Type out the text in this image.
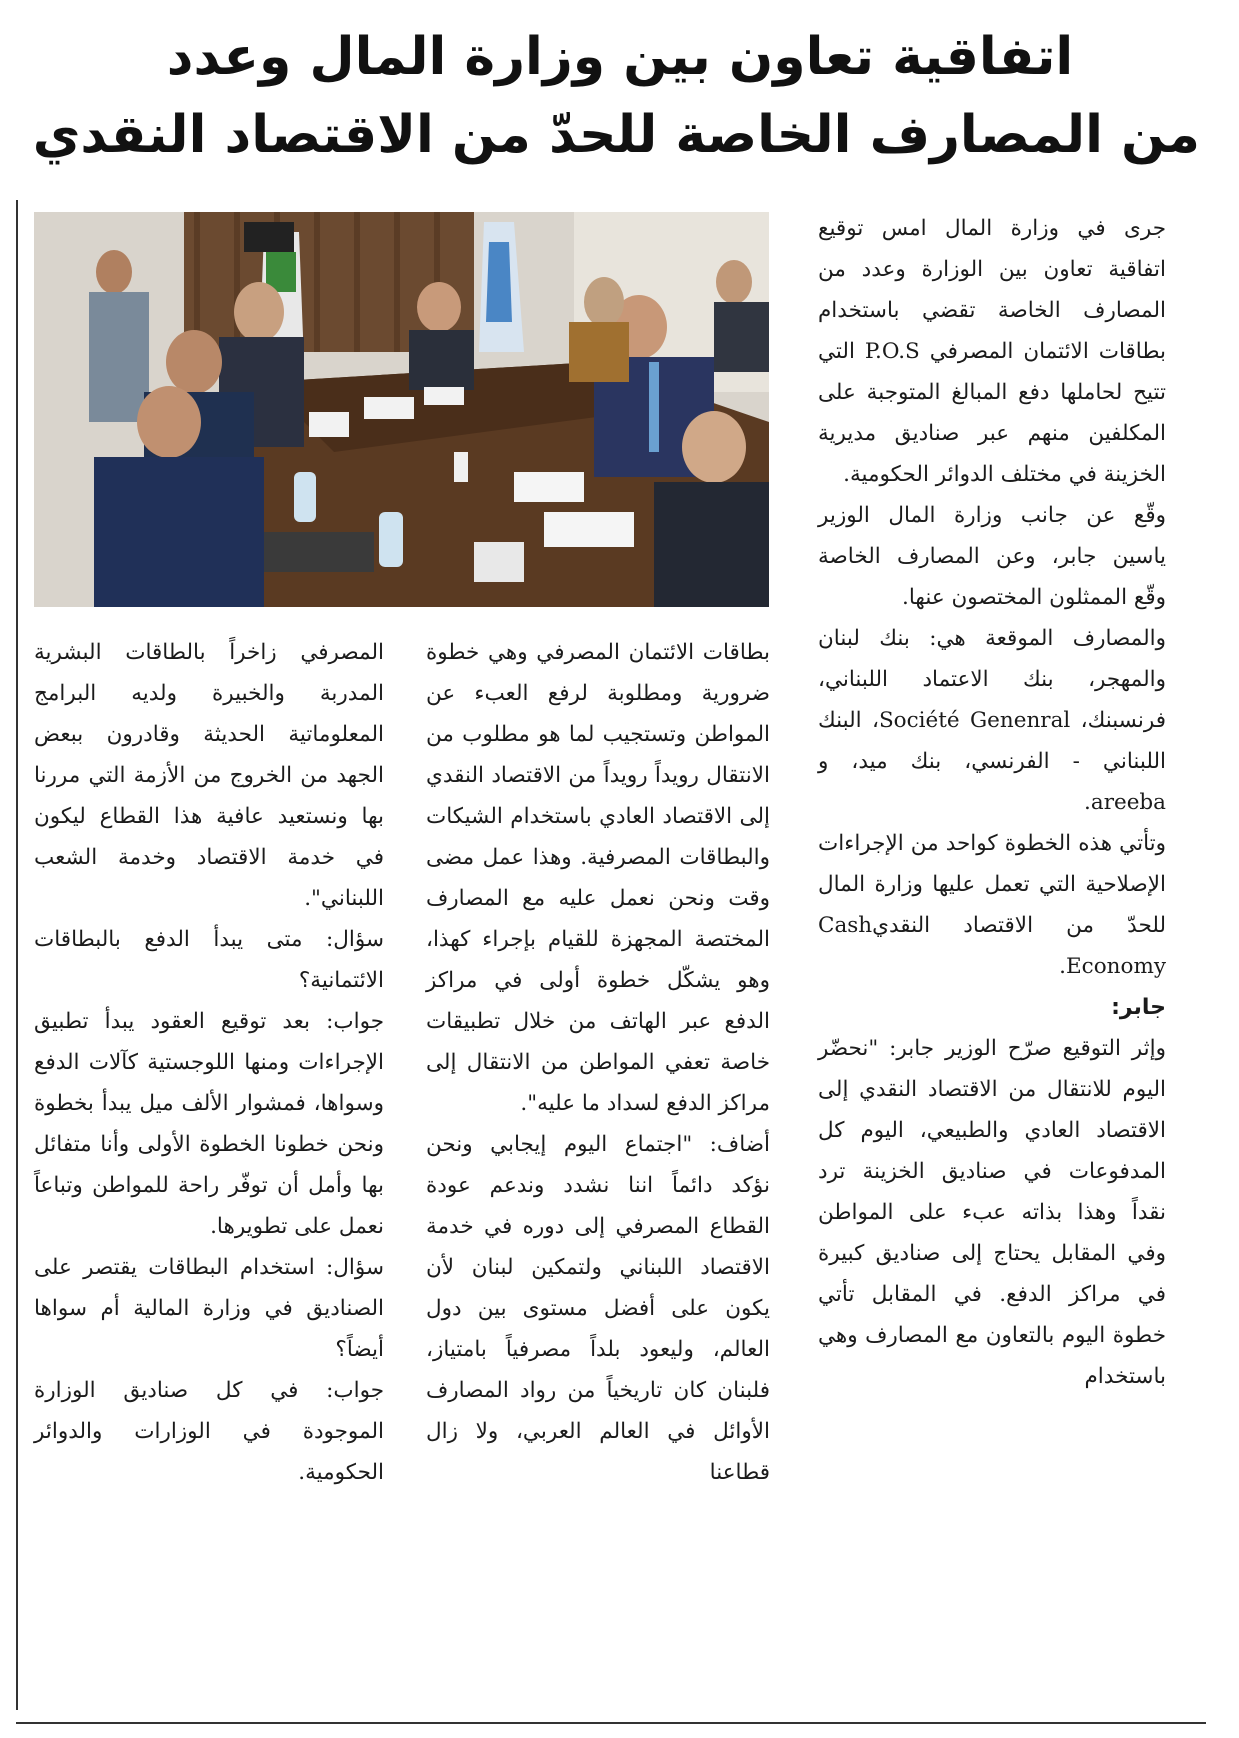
اتفاقية تعاون بين وزارة المال وعدد
من المصارف الخاصة للحدّ من الاقتصاد النقدي

جرى في وزارة المال امس توقيع اتفاقية تعاون بين الوزارة وعدد من المصارف الخاصة تقضي باستخدام بطاقات الائتمان المصرفي P.O.S التي تتيح لحاملها دفع المبالغ المتوجبة على المكلفين منهم عبر صناديق مديرية الخزينة في مختلف الدوائر الحكومية.

وقّع عن جانب وزارة المال الوزير ياسين جابر، وعن المصارف الخاصة وقّع الممثلون المختصون عنها.

والمصارف الموقعة هي: بنك لبنان والمهجر، بنك الاعتماد اللبناني، فرنسبنك، Société Genenral، البنك اللبناني - الفرنسي، بنك ميد، و areeba.

وتأتي هذه الخطوة كواحد من الإجراءات الإصلاحية التي تعمل عليها وزارة المال للحدّ من الاقتصاد النقديCash Economy.

جابر:

وإثر التوقيع صرّح الوزير جابر: "نحضّر اليوم للانتقال من الاقتصاد النقدي إلى الاقتصاد العادي والطبيعي، اليوم كل المدفوعات في صناديق الخزينة ترد نقداً وهذا بذاته عبء على المواطن وفي المقابل يحتاج إلى صناديق كبيرة في مراكز الدفع. في المقابل تأتي خطوة اليوم بالتعاون مع المصارف وهي باستخدام

بطاقات الائتمان المصرفي وهي خطوة ضرورية ومطلوبة لرفع العبء عن المواطن وتستجيب لما هو مطلوب من الانتقال رويداً رويداً من الاقتصاد النقدي إلى الاقتصاد العادي باستخدام الشيكات والبطاقات المصرفية. وهذا عمل مضى وقت ونحن نعمل عليه مع المصارف المختصة المجهزة للقيام بإجراء كهذا، وهو يشكّل خطوة أولى في مراكز الدفع عبر الهاتف من خلال تطبيقات خاصة تعفي المواطن من الانتقال إلى مراكز الدفع لسداد ما عليه".

أضاف: "اجتماع اليوم إيجابي ونحن نؤكد دائماً اننا نشدد وندعم عودة القطاع المصرفي إلى دوره في خدمة الاقتصاد اللبناني ولتمكين لبنان لأن يكون على أفضل مستوى بين دول العالم، وليعود بلداً مصرفياً بامتياز، فلبنان كان تاريخياً من رواد المصارف الأوائل في العالم العربي، ولا زال قطاعنا

المصرفي زاخراً بالطاقات البشرية المدربة والخبيرة ولديه البرامج المعلوماتية الحديثة وقادرون ببعض الجهد من الخروج من الأزمة التي مررنا بها ونستعيد عافية هذا القطاع ليكون في خدمة الاقتصاد وخدمة الشعب اللبناني".

سؤال: متى يبدأ الدفع بالبطاقات الائتمانية؟

جواب: بعد توقيع العقود يبدأ تطبيق الإجراءات ومنها اللوجستية كآلات الدفع وسواها، فمشوار الألف ميل يبدأ بخطوة ونحن خطونا الخطوة الأولى وأنا متفائل بها وأمل أن توفّر راحة للمواطن وتباعاً نعمل على تطويرها.

سؤال: استخدام البطاقات يقتصر على الصناديق في وزارة المالية أم سواها أيضاً؟

جواب: في كل صناديق الوزارة الموجودة في الوزارات والدوائر الحكومية.
